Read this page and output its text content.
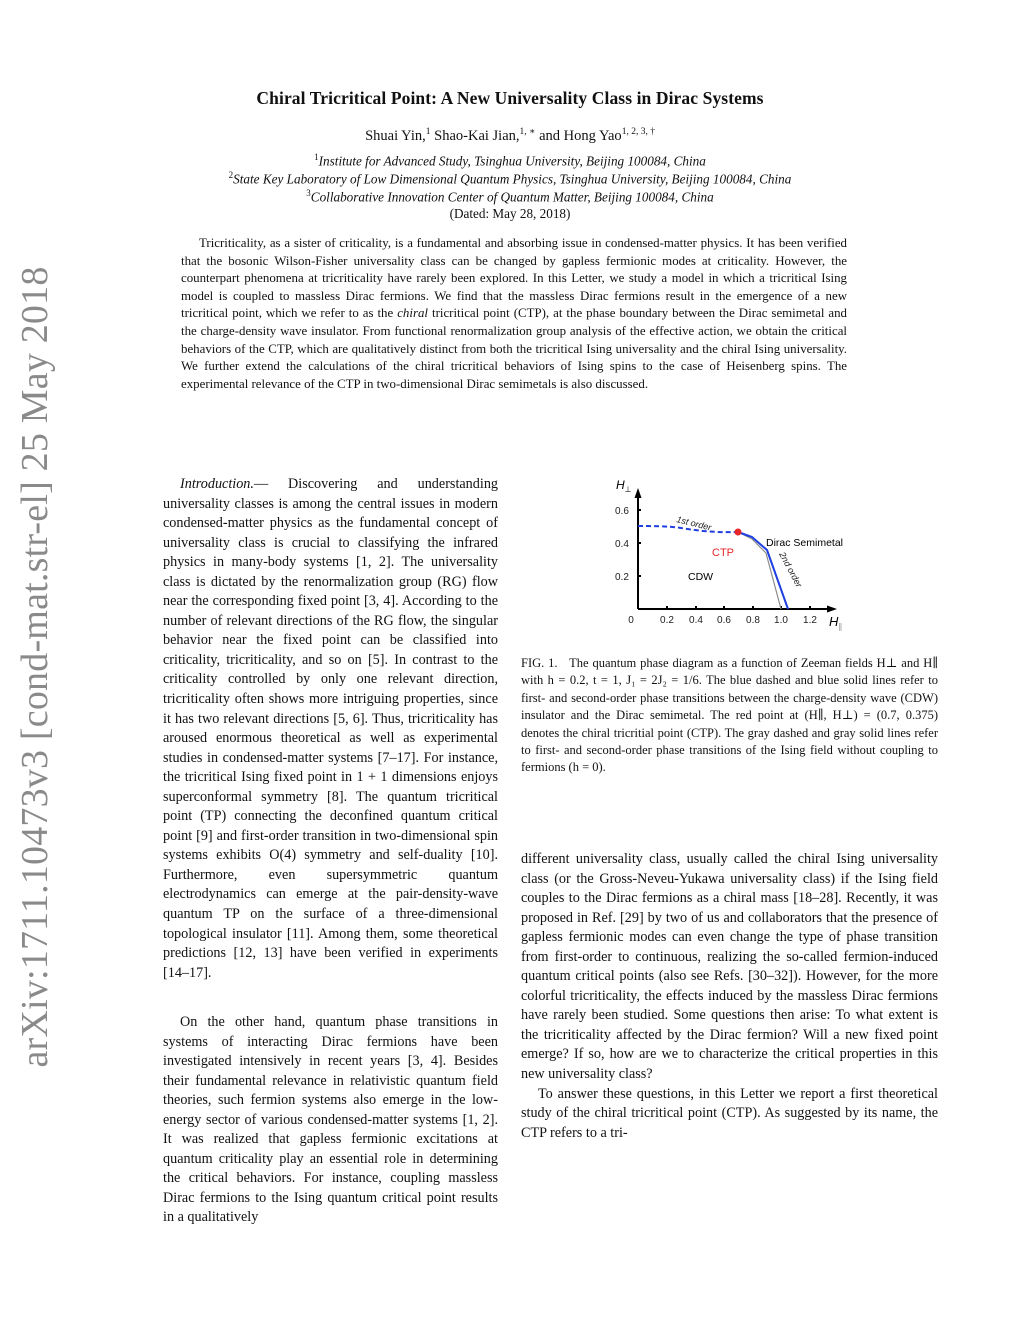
arXiv:1711.10473v3 [cond-mat.str-el] 25 May 2018
Chiral Tricritical Point: A New Universality Class in Dirac Systems
Shuai Yin,$^1$ Shao-Kai Jian,$^{1, ∗}$ and Hong Yao$^{1, 2, 3, \dagger}$
$^1$Institute for Advanced Study, Tsinghua University, Beijing 100084, China
$^2$State Key Laboratory of Low Dimensional Quantum Physics, Tsinghua University, Beijing 100084, China
$^3$Collaborative Innovation Center of Quantum Matter, Beijing 100084, China
(Dated: May 28, 2018)
Tricriticality, as a sister of criticality, is a fundamental and absorbing issue in condensed-matter physics. It has been verified that the bosonic Wilson-Fisher universality class can be changed by gapless fermionic modes at criticality. However, the counterpart phenomena at tricriticality have rarely been explored. In this Letter, we study a model in which a tricritical Ising model is coupled to massless Dirac fermions. We find that the massless Dirac fermions result in the emergence of a new tricritical point, which we refer to as the chiral tricritical point (CTP), at the phase boundary between the Dirac semimetal and the charge-density wave insulator. From functional renormalization group analysis of the effective action, we obtain the critical behaviors of the CTP, which are qualitatively distinct from both the tricritical Ising universality and the chiral Ising universality. We further extend the calculations of the chiral tricritical behaviors of Ising spins to the case of Heisenberg spins. The experimental relevance of the CTP in two-dimensional Dirac semimetals is also discussed.

Introduction.— Discovering and understanding universality classes is among the central issues in modern condensed-matter physics as the fundamental concept of universality class is crucial to classifying the infrared physics in many-body systems [1, 2]. The universality class is dictated by the renormalization group (RG) flow near the corresponding fixed point [3, 4]. According to the number of relevant directions of the RG flow, the singular behavior near the fixed point can be classified into criticality, tricriticality, and so on [5]. In contrast to the criticality controlled by only one relevant direction, tricriticality often shows more intriguing properties, since it has two relevant directions [5, 6]. Thus, tricriticality has aroused enormous theoretical as well as experimental studies in condensed-matter systems [7–17]. For instance, the tricritical Ising fixed point in 1 + 1 dimensions enjoys superconformal symmetry [8]. The quantum tricritical point (TP) connecting the deconfined quantum critical point [9] and first-order transition in two-dimensional spin systems exhibits O(4) symmetry and self-duality [10]. Furthermore, even supersymmetric quantum electrodynamics can emerge at the pair-density-wave quantum TP on the surface of a three-dimensional topological insulator [11]. Among them, some theoretical predictions [12, 13] have been verified in experiments [14–17].

On the other hand, quantum phase transitions in systems of interacting Dirac fermions have been investigated intensively in recent years [3, 4]. Besides their fundamental relevance in relativistic quantum field theories, such fermion systems also emerge in the low-energy sector of various condensed-matter systems [1, 2]. It was realized that gapless fermionic excitations at quantum criticality play an essential role in determining the critical behaviors. For instance, coupling massless Dirac fermions to the Ising quantum critical point results in a qualitatively

0.6
0.4
0.2
0	0.2 0.4 0.6 0.8 1.0 1.2
$H_\perp$
$H_\parallel$
1st order
2nd order
Dirac Semimetal
CTP
CDW
FIG. 1. The quantum phase diagram as a function of Zeeman fields H⊥ and H∥ with h = 0.2, t = 1, J₁ = 2J₂ = 1/6. The blue dashed and blue solid lines refer to first- and second-order phase transitions between the charge-density wave (CDW) insulator and the Dirac semimetal. The red point at (H∥, H⊥) = (0.7, 0.375) denotes the chiral tricritial point (CTP). The gray dashed and gray solid lines refer to first- and second-order phase transitions of the Ising field without coupling to fermions (h = 0).

different universality class, usually called the chiral Ising universality class (or the Gross-Neveu-Yukawa universality class) if the Ising field couples to the Dirac fermions as a chiral mass [18–28]. Recently, it was proposed in Ref. [29] by two of us and collaborators that the presence of gapless fermionic modes can even change the type of phase transition from first-order to continuous, realizing the so-called fermion-induced quantum critical points (also see Refs. [30–32]). However, for the more colorful tricriticality, the effects induced by the massless Dirac fermions have rarely been studied. Some questions then arise: To what extent is the tricriticality affected by the Dirac fermion? Will a new fixed point emerge? If so, how are we to characterize the critical properties in this new universality class?

To answer these questions, in this Letter we report a first theoretical study of the chiral tricritical point (CTP). As suggested by its name, the CTP refers to a tri-
